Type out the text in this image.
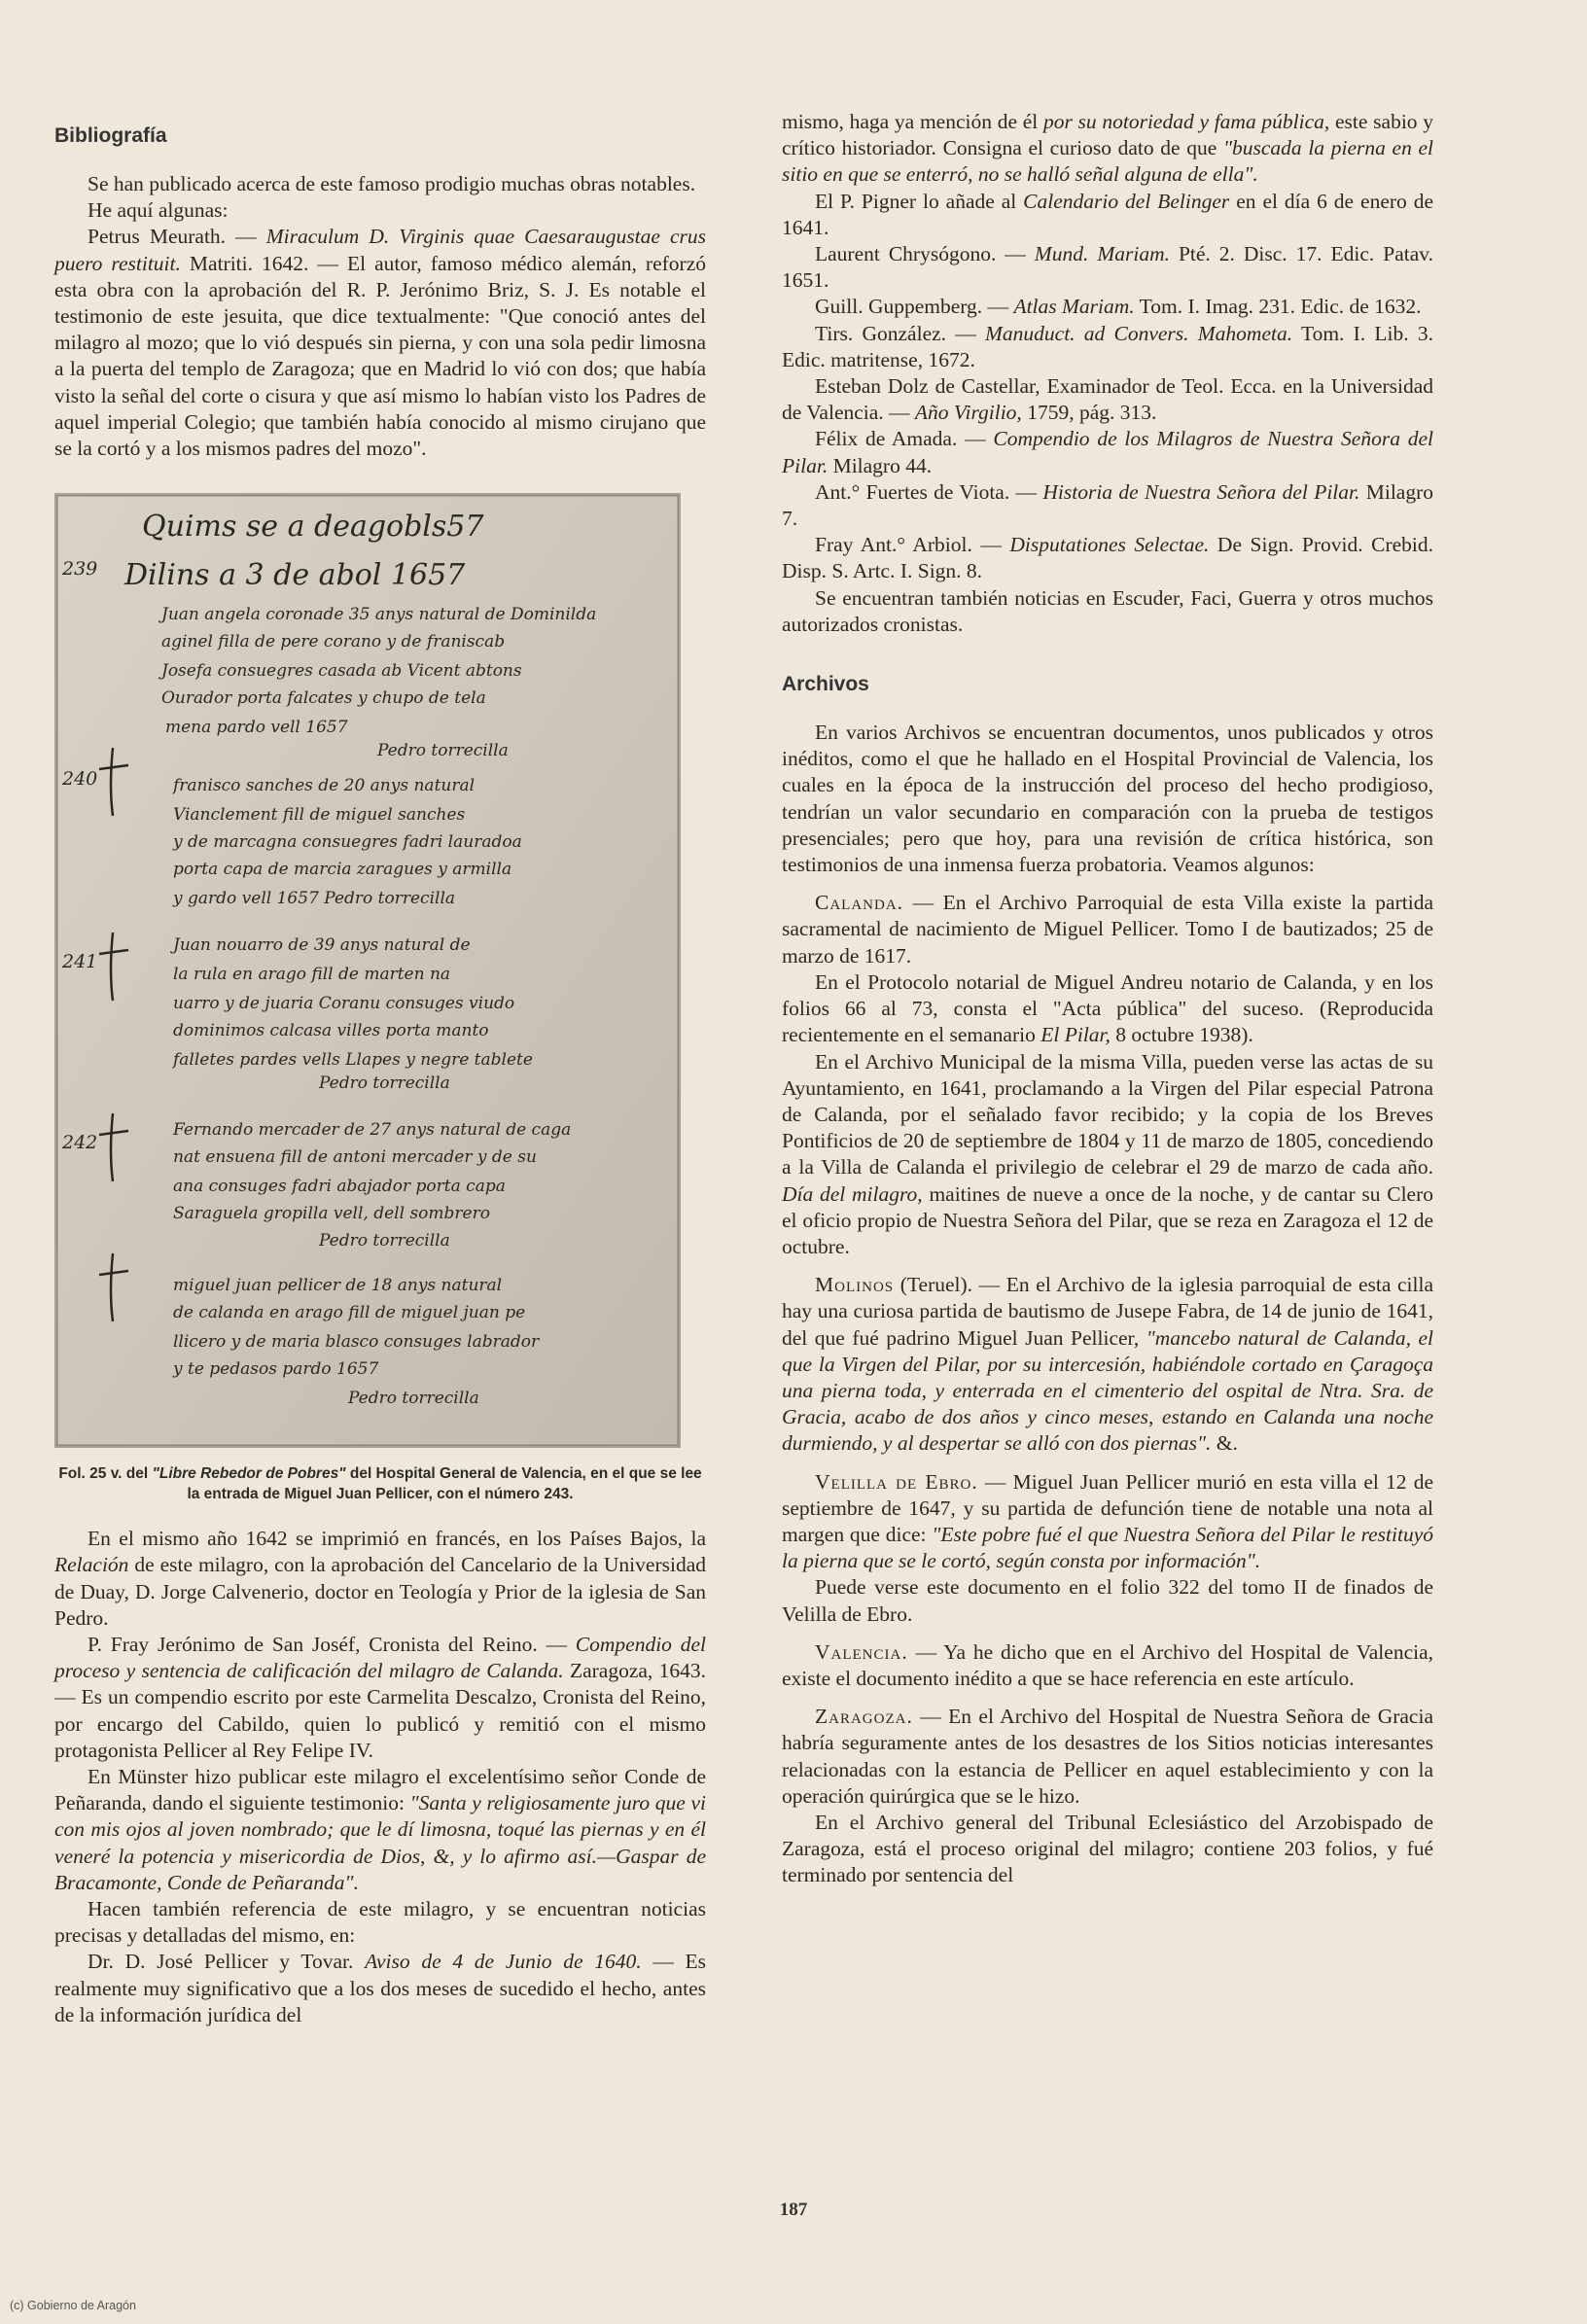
Bibliografía

Se han publicado acerca de este famoso prodigio muchas obras notables.

He aquí algunas:

Petrus Meurath. — Miraculum D. Virginis quae Caesaraugustae crus puero restituit. Matriti. 1642. — El autor, famoso médico alemán, reforzó esta obra con la aprobación del R. P. Jerónimo Briz, S. J. Es notable el testimonio de este jesuita, que dice textualmente: "Que conoció antes del milagro al mozo; que lo vió después sin pierna, y con una sola pedir limosna a la puerta del templo de Zaragoza; que en Madrid lo vió con dos; que había visto la señal del corte o cisura y que así mismo lo habían visto los Padres de aquel imperial Colegio; que también había conocido al mismo cirujano que se la cortó y a los mismos padres del mozo".

239
240
241
242
Quims se a deagobls57
Dilins a 3 de abol 1657
Juan angela coronade 35 anys natural de Dominilda
aginel filla de pere corano y de franiscab
Josefa consuegres casada ab Vicent abtons
Ourador porta falcates y chupo de tela
mena pardo vell 1657
Pedro torrecilla
franisco sanches de 20 anys natural
Vianclement fill de miguel sanches
y de marcagna consuegres fadri lauradoa
porta capa de marcia zaragues y armilla
y gardo vell 1657 Pedro torrecilla
Juan nouarro de 39 anys natural de
la rula en arago fill de marten na
uarro y de juaria Coranu consuges viudo
dominimos calcasa villes porta manto
falletes pardes vells Llapes y negre tablete
Pedro torrecilla
Fernando mercader de 27 anys natural de caga
nat ensuena fill de antoni mercader y de su
ana consuges fadri abajador porta capa
Saraguela gropilla vell, dell sombrero
Pedro torrecilla
miguel juan pellicer de 18 anys natural
de calanda en arago fill de miguel juan pe
llicero y de maria blasco consuges labrador
y te pedasos pardo 1657
Pedro torrecilla
Fol. 25 v. del "Libre Rebedor de Pobres" del Hospital General de Valencia, en el que se lee la entrada de Miguel Juan Pellicer, con el número 243.

En el mismo año 1642 se imprimió en francés, en los Países Bajos, la Relación de este milagro, con la aprobación del Cancelario de la Universidad de Duay, D. Jorge Calvenerio, doctor en Teología y Prior de la iglesia de San Pedro.

P. Fray Jerónimo de San Joséf, Cronista del Reino. — Compendio del proceso y sentencia de calificación del milagro de Calanda. Zaragoza, 1643. — Es un compendio escrito por este Carmelita Descalzo, Cronista del Reino, por encargo del Cabildo, quien lo publicó y remitió con el mismo protagonista Pellicer al Rey Felipe IV.

En Münster hizo publicar este milagro el excelentísimo señor Conde de Peñaranda, dando el siguiente testimonio: "Santa y religiosamente juro que vi con mis ojos al joven nombrado; que le dí limosna, toqué las piernas y en él veneré la potencia y misericordia de Dios, &, y lo afirmo así.—Gaspar de Bracamonte, Conde de Peñaranda".

Hacen también referencia de este milagro, y se encuentran noticias precisas y detalladas del mismo, en:

Dr. D. José Pellicer y Tovar. Aviso de 4 de Junio de 1640. — Es realmente muy significativo que a los dos meses de sucedido el hecho, antes de la información jurídica del

mismo, haga ya mención de él por su notoriedad y fama pública, este sabio y crítico historiador. Consigna el curioso dato de que "buscada la pierna en el sitio en que se enterró, no se halló señal alguna de ella".

El P. Pigner lo añade al Calendario del Belinger en el día 6 de enero de 1641.

Laurent Chrysógono. — Mund. Mariam. Pté. 2. Disc. 17. Edic. Patav. 1651.

Guill. Guppemberg. — Atlas Mariam. Tom. I. Imag. 231. Edic. de 1632.

Tirs. González. — Manuduct. ad Convers. Mahometa. Tom. I. Lib. 3. Edic. matritense, 1672.

Esteban Dolz de Castellar, Examinador de Teol. Ecca. en la Universidad de Valencia. — Año Virgilio, 1759, pág. 313.

Félix de Amada. — Compendio de los Milagros de Nuestra Señora del Pilar. Milagro 44.

Ant.° Fuertes de Viota. — Historia de Nuestra Señora del Pilar. Milagro 7.

Fray Ant.° Arbiol. — Disputationes Selectae. De Sign. Provid. Crebid. Disp. S. Artc. I. Sign. 8.

Se encuentran también noticias en Escuder, Faci, Guerra y otros muchos autorizados cronistas.

Archivos

En varios Archivos se encuentran documentos, unos publicados y otros inéditos, como el que he hallado en el Hospital Provincial de Valencia, los cuales en la época de la instrucción del proceso del hecho prodigioso, tendrían un valor secundario en comparación con la prueba de testigos presenciales; pero que hoy, para una revisión de crítica histórica, son testimonios de una inmensa fuerza probatoria. Veamos algunos:

Calanda. — En el Archivo Parroquial de esta Villa existe la partida sacramental de nacimiento de Miguel Pellicer. Tomo I de bautizados; 25 de marzo de 1617.

En el Protocolo notarial de Miguel Andreu notario de Calanda, y en los folios 66 al 73, consta el "Acta pública" del suceso. (Reproducida recientemente en el semanario El Pilar, 8 octubre 1938).

En el Archivo Municipal de la misma Villa, pueden verse las actas de su Ayuntamiento, en 1641, proclamando a la Virgen del Pilar especial Patrona de Calanda, por el señalado favor recibido; y la copia de los Breves Pontificios de 20 de septiembre de 1804 y 11 de marzo de 1805, concediendo a la Villa de Calanda el privilegio de celebrar el 29 de marzo de cada año. Día del milagro, maitines de nueve a once de la noche, y de cantar su Clero el oficio propio de Nuestra Señora del Pilar, que se reza en Zaragoza el 12 de octubre.

Molinos (Teruel). — En el Archivo de la iglesia parroquial de esta cilla hay una curiosa partida de bautismo de Jusepe Fabra, de 14 de junio de 1641, del que fué padrino Miguel Juan Pellicer, "mancebo natural de Calanda, el que la Virgen del Pilar, por su intercesión, habiéndole cortado en Çaragoça una pierna toda, y enterrada en el cimenterio del ospital de Ntra. Sra. de Gracia, acabo de dos años y cinco meses, estando en Calanda una noche durmiendo, y al despertar se alló con dos piernas". &.

Velilla de Ebro. — Miguel Juan Pellicer murió en esta villa el 12 de septiembre de 1647, y su partida de defunción tiene de notable una nota al margen que dice: "Este pobre fué el que Nuestra Señora del Pilar le restituyó la pierna que se le cortó, según consta por información".

Puede verse este documento en el folio 322 del tomo II de finados de Velilla de Ebro.

Valencia. — Ya he dicho que en el Archivo del Hospital de Valencia, existe el documento inédito a que se hace referencia en este artículo.

Zaragoza. — En el Archivo del Hospital de Nuestra Señora de Gracia habría seguramente antes de los desastres de los Sitios noticias interesantes relacionadas con la estancia de Pellicer en aquel establecimiento y con la operación quirúrgica que se le hizo.

En el Archivo general del Tribunal Eclesiástico del Arzobispado de Zaragoza, está el proceso original del milagro; contiene 203 folios, y fué terminado por sentencia del

187
(c) Gobierno de Aragón
